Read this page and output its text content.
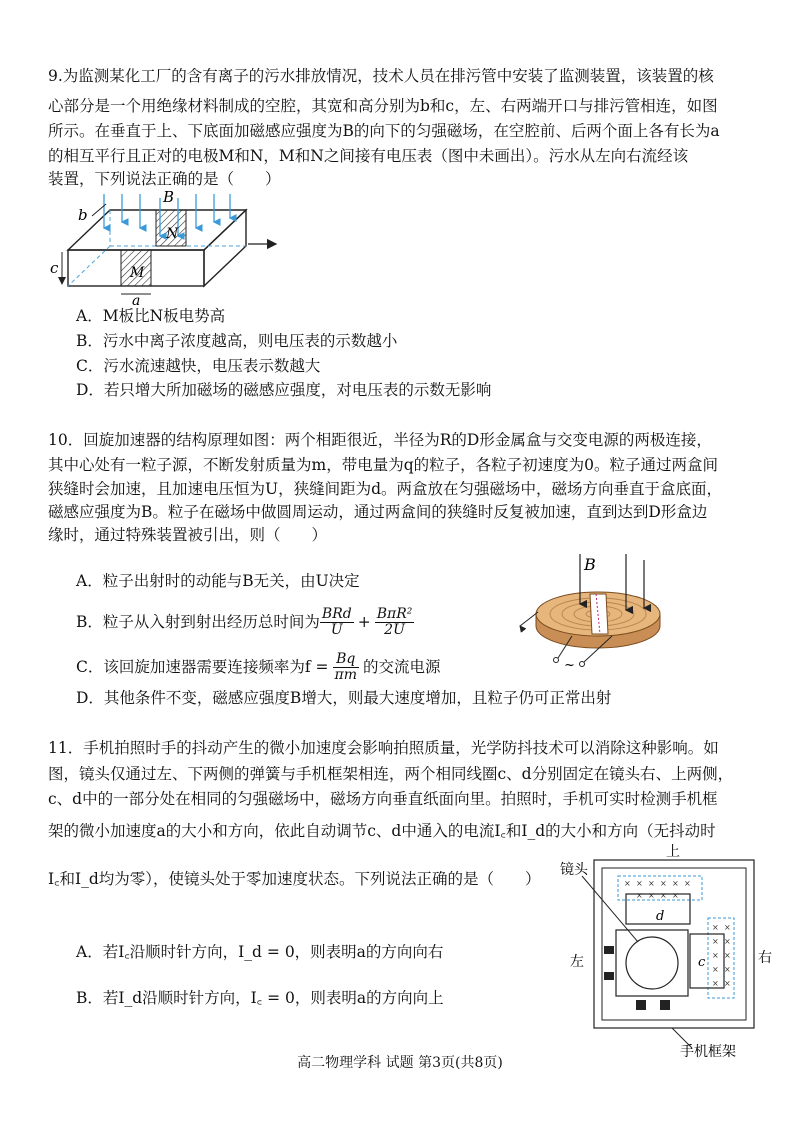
9.为监测某化工厂的含有离子的污水排放情况，技术人员在排污管中安装了监测装置，该装置的核
心部分是一个用绝缘材料制成的空腔，其宽和高分别为b和c，左、右两端开口与排污管相连，如图
所示。在垂直于上、下底面加磁感应强度为B的向下的匀强磁场，在空腔前、后两个面上各有长为a
的相互平行且正对的电极M和N，M和N之间接有电压表（图中未画出）。污水从左向右流经该
装置，下列说法正确的是（　　）
B
N
M
a
b
c
A．M板比N板电势高
B．污水中离子浓度越高，则电压表的示数越小
C．污水流速越快，电压表示数越大
D．若只增大所加磁场的磁感应强度，对电压表的示数无影响
10．回旋加速器的结构原理如图：两个相距很近，半径为R的D形金属盒与交变电源的两极连接，
其中心处有一粒子源，不断发射质量为m，带电量为q的粒子，各粒子初速度为0。粒子通过两盒间
狭缝时会加速，且加速电压恒为U，狭缝间距为d。两盒放在匀强磁场中，磁场方向垂直于盒底面，
磁感应强度为B。粒子在磁场中做圆周运动，通过两盒间的狭缝时反复被加速，直到达到D形盒边
缘时，通过特殊装置被引出，则（　　）
A．粒子出射时的动能与B无关，由U决定
B．粒子从入射到射出经历总时间为 $\frac{\text{BRd}}{U} + \frac{\text{BπR²}}{2U}$
C．该回旋加速器需要连接频率为$f = \frac{Bq}{\pi m}$ 的交流电源
D．其他条件不变，磁感应强度B增大，则最大速度增加，且粒子仍可正常出射
~
B
11．手机拍照时手的抖动产生的微小加速度会影响拍照质量，光学防抖技术可以消除这种影响。如
图，镜头仅通过左、下两侧的弹簧与手机框架相连，两个相同线圈c、d分别固定在镜头右、上两侧，
c、d中的一部分处在相同的匀强磁场中，磁场方向垂直纸面向里。拍照时，手机可实时检测手机框
架的微小加速度a的大小和方向，依此自动调节c、d中通入的电流I꜀和I_d的大小和方向（无抖动时
I꜀和I_d均为零），使镜头处于零加速度状态。下列说法正确的是（　　）
A．若I꜀沿顺时针方向，I_d = 0，则表明a的方向向右
B．若I_d沿顺时针方向，I꜀ = 0，则表明a的方向向上
× × × × × ×
× × × ×
× ×
× ×
× ×
× ×
× ×
上
左	右
镜头
手机框架
d
c
高二物理学科 试题 第3页(共8页)
